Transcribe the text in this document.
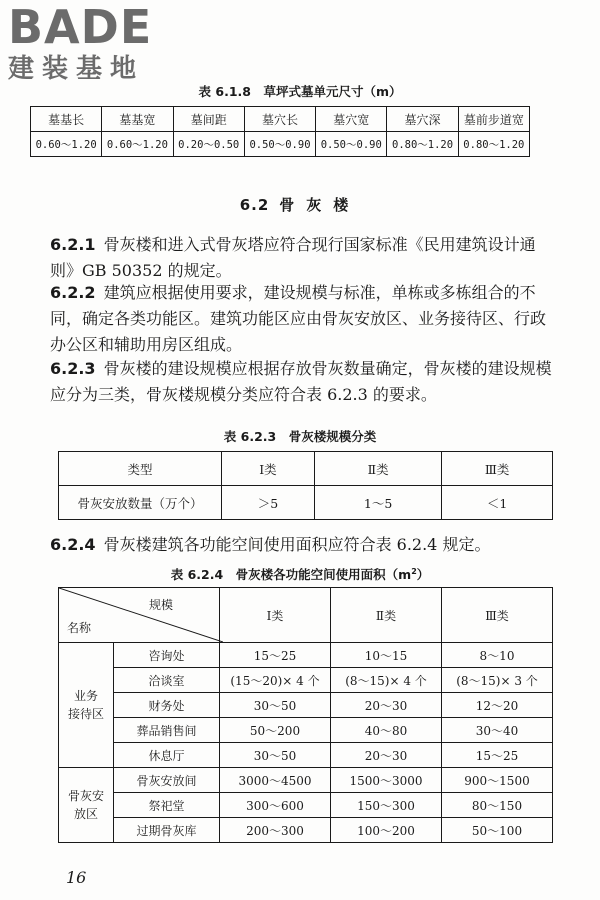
BADE
建装基地
表 6.1.8　草坪式墓单元尺寸（m）
墓基长	墓基宽	墓间距	墓穴长	墓穴宽	墓穴深	墓前步道宽
0.60～1.20	0.60～1.20	0.20～0.50	0.50～0.90	0.50～0.90	0.80～1.20	0.80～1.20
6.2 骨灰楼

6.2.1 骨灰楼和进入式骨灰塔应符合现行国家标准《民用建筑设计通则》GB 50352 的规定。

6.2.2 建筑应根据使用要求，建设规模与标准，单栋或多栋组合的不同，确定各类功能区。建筑功能区应由骨灰安放区、业务接待区、行政办公区和辅助用房区组成。

6.2.3 骨灰楼的建设规模应根据存放骨灰数量确定，骨灰楼的建设规模应分为三类，骨灰楼规模分类应符合表 6.2.3 的要求。

表 6.2.3　骨灰楼规模分类
类型	Ⅰ类	Ⅱ类	Ⅲ类
骨灰安放数量（万个）	＞5	1～5	＜1

6.2.4 骨灰楼建筑各功能空间使用面积应符合表 6.2.4 规定。

表 6.2.4　骨灰楼各功能空间使用面积$(m^2)$
规模
名称		Ⅰ类	Ⅱ类	Ⅲ类
业务
接待区	咨询处	15～25	10～15	8～10
	洽谈室	(15～20)× 4 个	(8～15)× 4 个	(8～15)× 3 个
	财务处	30～50	20～30	12～20
	葬品销售间	50～200	40～80	30～40
	休息厅	30～50	20～30	15～25
骨灰安
放区	骨灰安放间	3000～4500	1500～3000	900～1500
	祭祀堂	300～600	150～300	80～150
	过期骨灰库	200～300	100～200	50～100
16
